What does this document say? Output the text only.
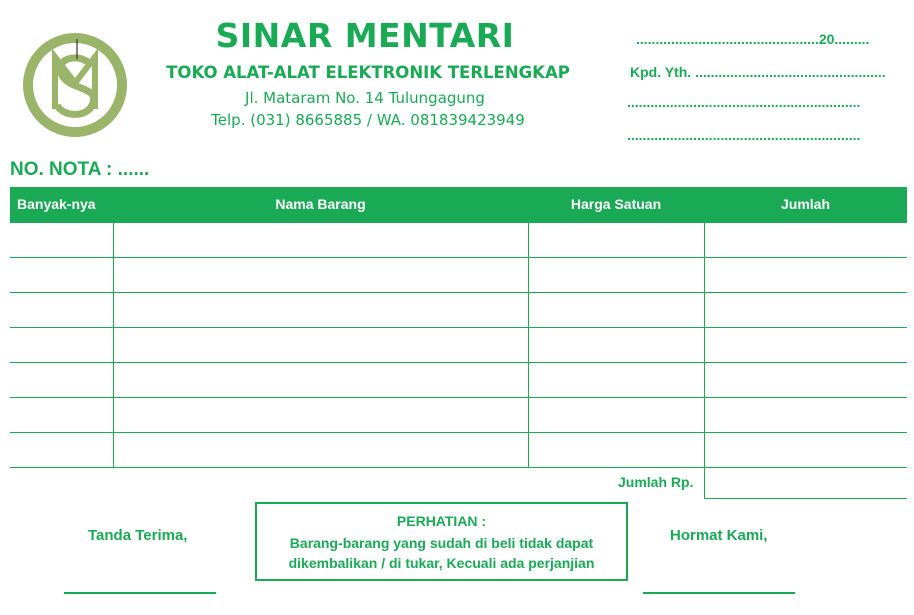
SINAR MENTARI
TOKO ALAT-ALAT ELEKTRONIK TERLENGKAP
Jl. Mataram No. 14 Tulungagung
Telp. (031) 8665885 / WA. 081839423949
...............................................20.........
Kpd. Yth. .................................................
............................................................
............................................................
NO. NOTA : ......
Banyak-nya	Nama Barang	Harga Satuan	Jumlah

Jumlah Rp.
Tanda Terima,
PERHATIAN :
Barang-barang yang sudah di beli tidak dapat
dikembalikan / di tukar, Kecuali ada perjanjian
Hormat Kami,
